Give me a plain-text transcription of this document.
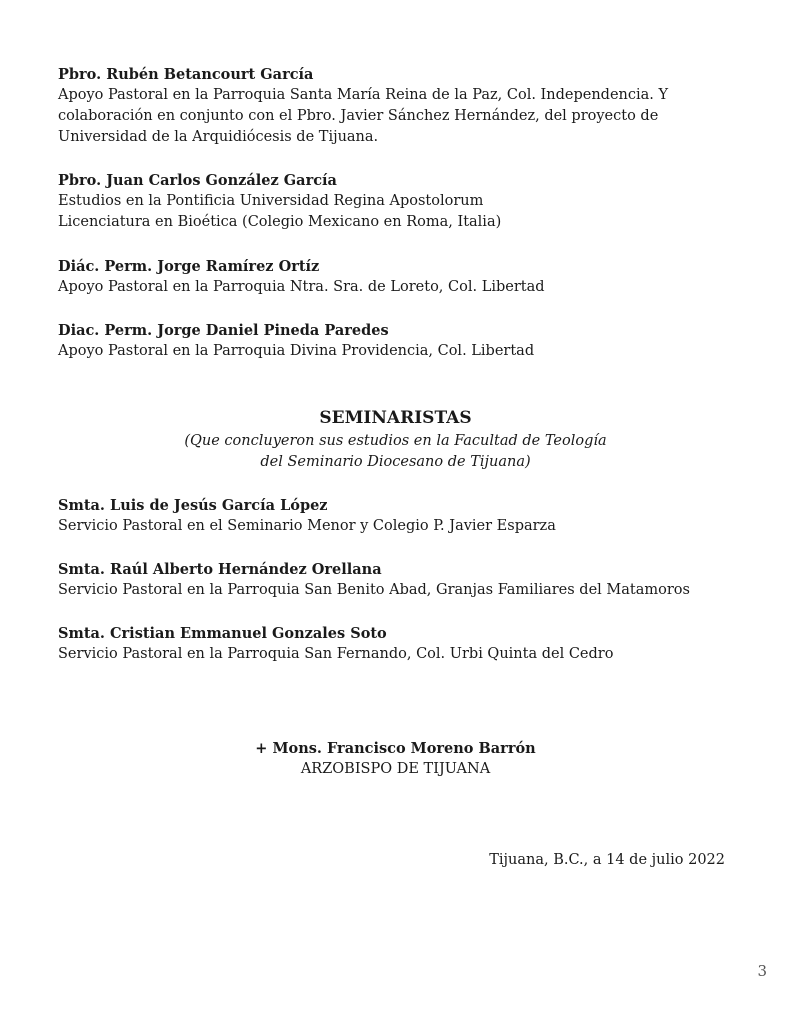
Pbro. Rubén Betancourt García
Apoyo Pastoral en la Parroquia Santa María Reina de la Paz, Col. Independencia. Y
colaboración en conjunto con el Pbro. Javier Sánchez Hernández, del proyecto de
Universidad de la Arquidiócesis de Tijuana.
Pbro. Juan Carlos González García
Estudios en la Pontificia Universidad Regina Apostolorum
Licenciatura en Bioética (Colegio Mexicano en Roma, Italia)
Diác. Perm. Jorge Ramírez Ortíz
Apoyo Pastoral en la Parroquia Ntra. Sra. de Loreto, Col. Libertad
Diac. Perm. Jorge Daniel Pineda Paredes
Apoyo Pastoral en la Parroquia Divina Providencia, Col. Libertad
SEMINARISTAS
(Que concluyeron sus estudios en la Facultad de Teología
del Seminario Diocesano de Tijuana)
Smta. Luis de Jesús García López
Servicio Pastoral en el Seminario Menor y Colegio P. Javier Esparza
Smta. Raúl Alberto Hernández Orellana
Servicio Pastoral en la Parroquia San Benito Abad, Granjas Familiares del Matamoros
Smta. Cristian Emmanuel Gonzales Soto
Servicio Pastoral en la Parroquia San Fernando, Col. Urbi Quinta del Cedro
+ Mons. Francisco Moreno Barrón
ARZOBISPO DE TIJUANA
Tijuana, B.C., a 14 de julio 2022
3
